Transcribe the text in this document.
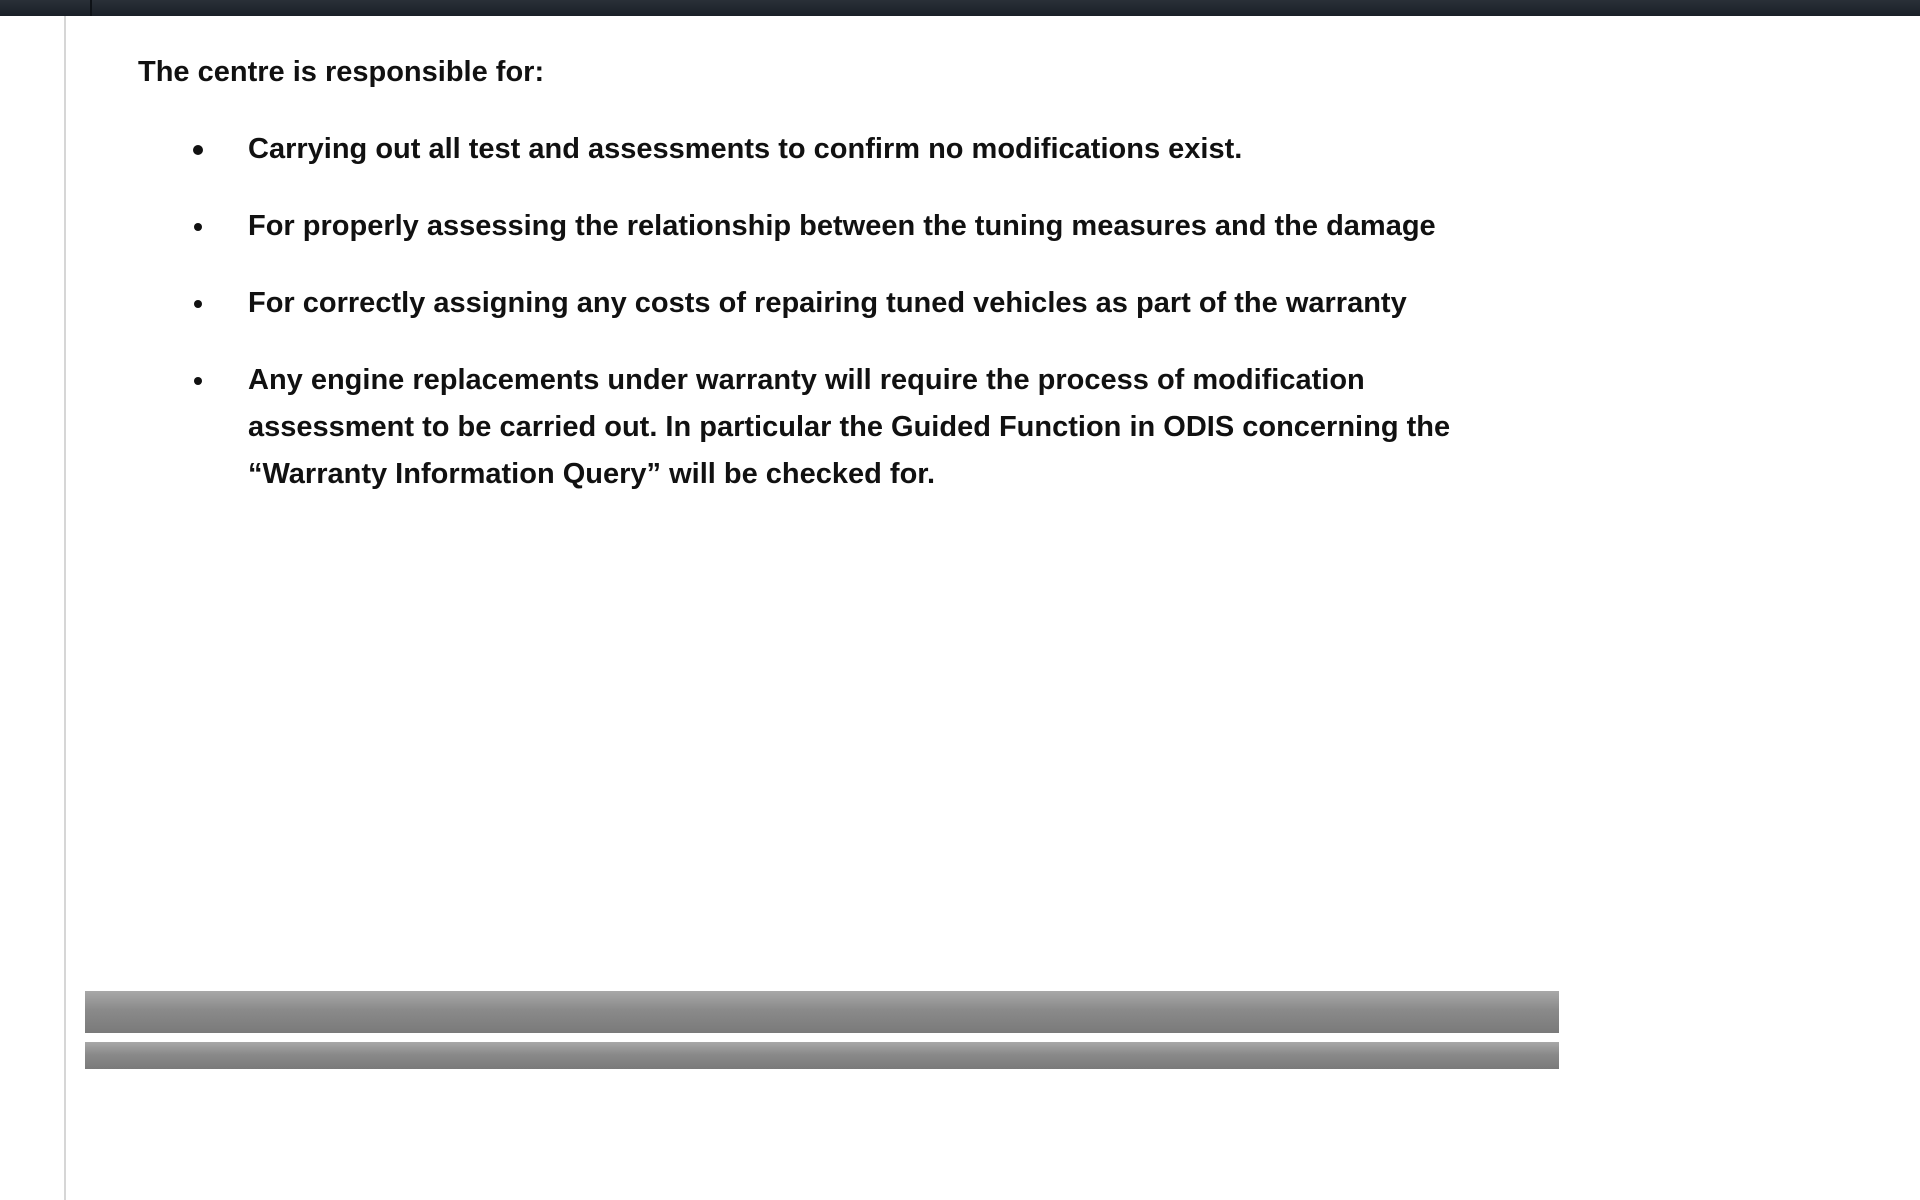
The centre is responsible for:

Carrying out all test and assessments to confirm no modifications exist.
For properly assessing the relationship between the tuning measures and the damage
For correctly assigning any costs of repairing tuned vehicles as part of the warranty
Any engine replacements under warranty will require the process of modification assessment to be carried out. In particular the Guided Function in ODIS concerning the “Warranty Information Query” will be checked for.
